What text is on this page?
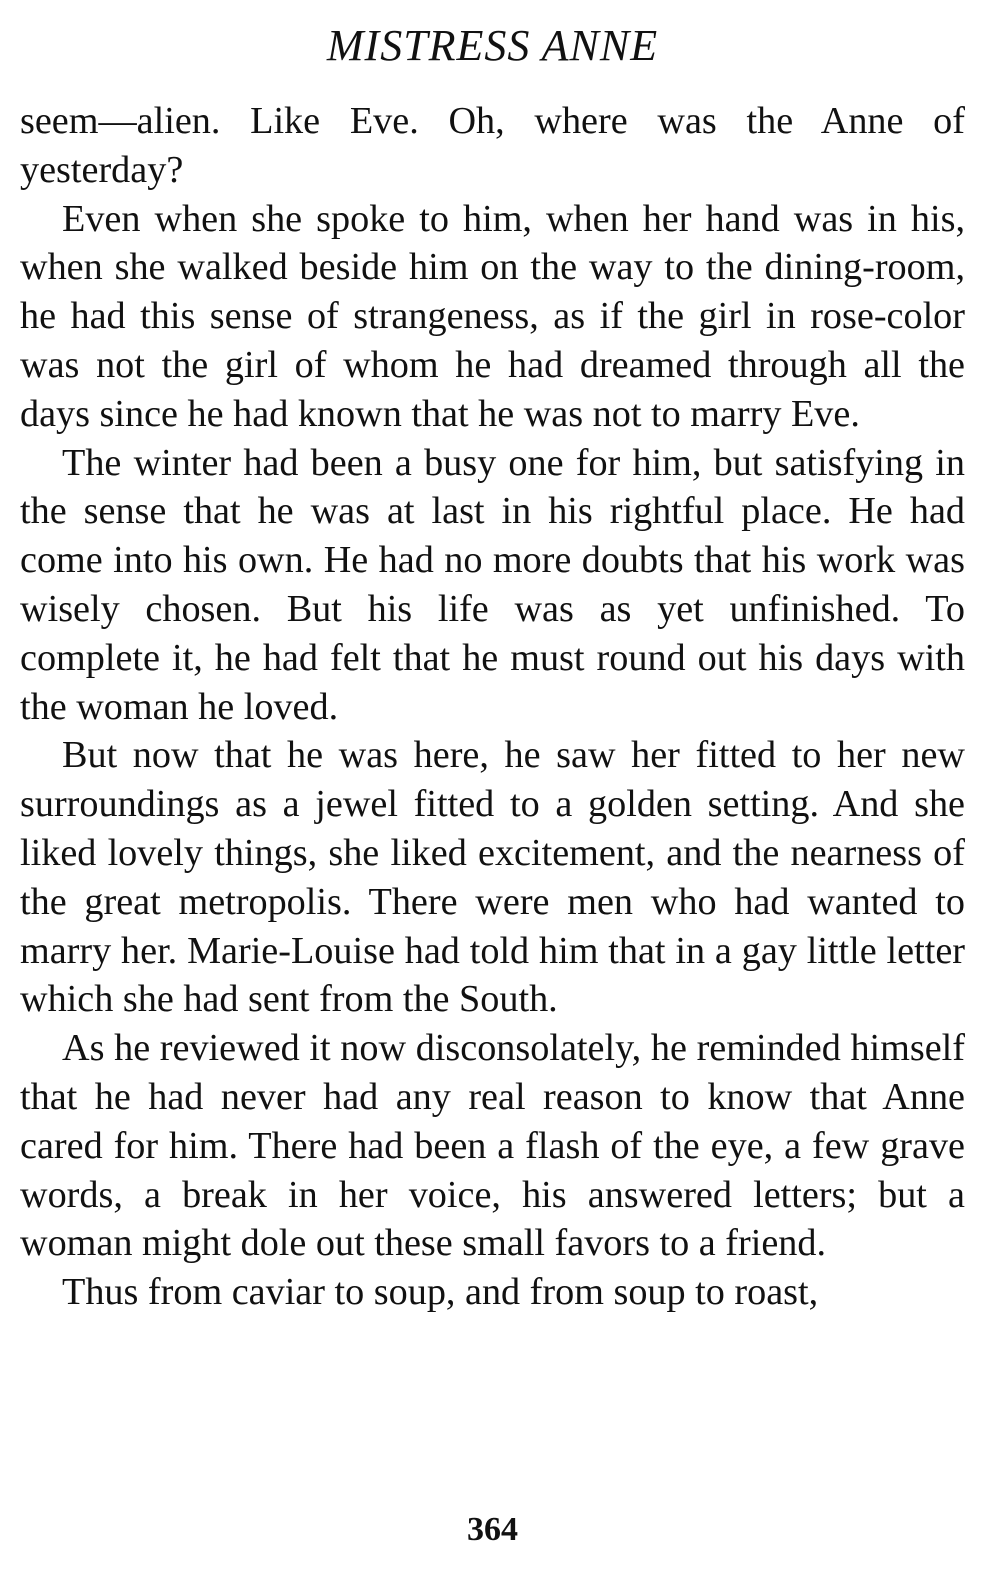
MISTRESS ANNE

seem—alien. Like Eve. Oh, where was the Anne of yesterday?

Even when she spoke to him, when her hand was in his, when she walked beside him on the way to the dining-room, he had this sense of strangeness, as if the girl in rose-color was not the girl of whom he had dreamed through all the days since he had known that he was not to marry Eve.

The winter had been a busy one for him, but satisfying in the sense that he was at last in his rightful place. He had come into his own. He had no more doubts that his work was wisely chosen. But his life was as yet unfinished. To complete it, he had felt that he must round out his days with the woman he loved.

But now that he was here, he saw her fitted to her new surroundings as a jewel fitted to a golden setting. And she liked lovely things, she liked excitement, and the nearness of the great metropolis. There were men who had wanted to marry her. Marie-Louise had told him that in a gay little letter which she had sent from the South.

As he reviewed it now disconsolately, he reminded himself that he had never had any real reason to know that Anne cared for him. There had been a flash of the eye, a few grave words, a break in her voice, his answered letters; but a woman might dole out these small favors to a friend.

Thus from caviar to soup, and from soup to roast,

364
